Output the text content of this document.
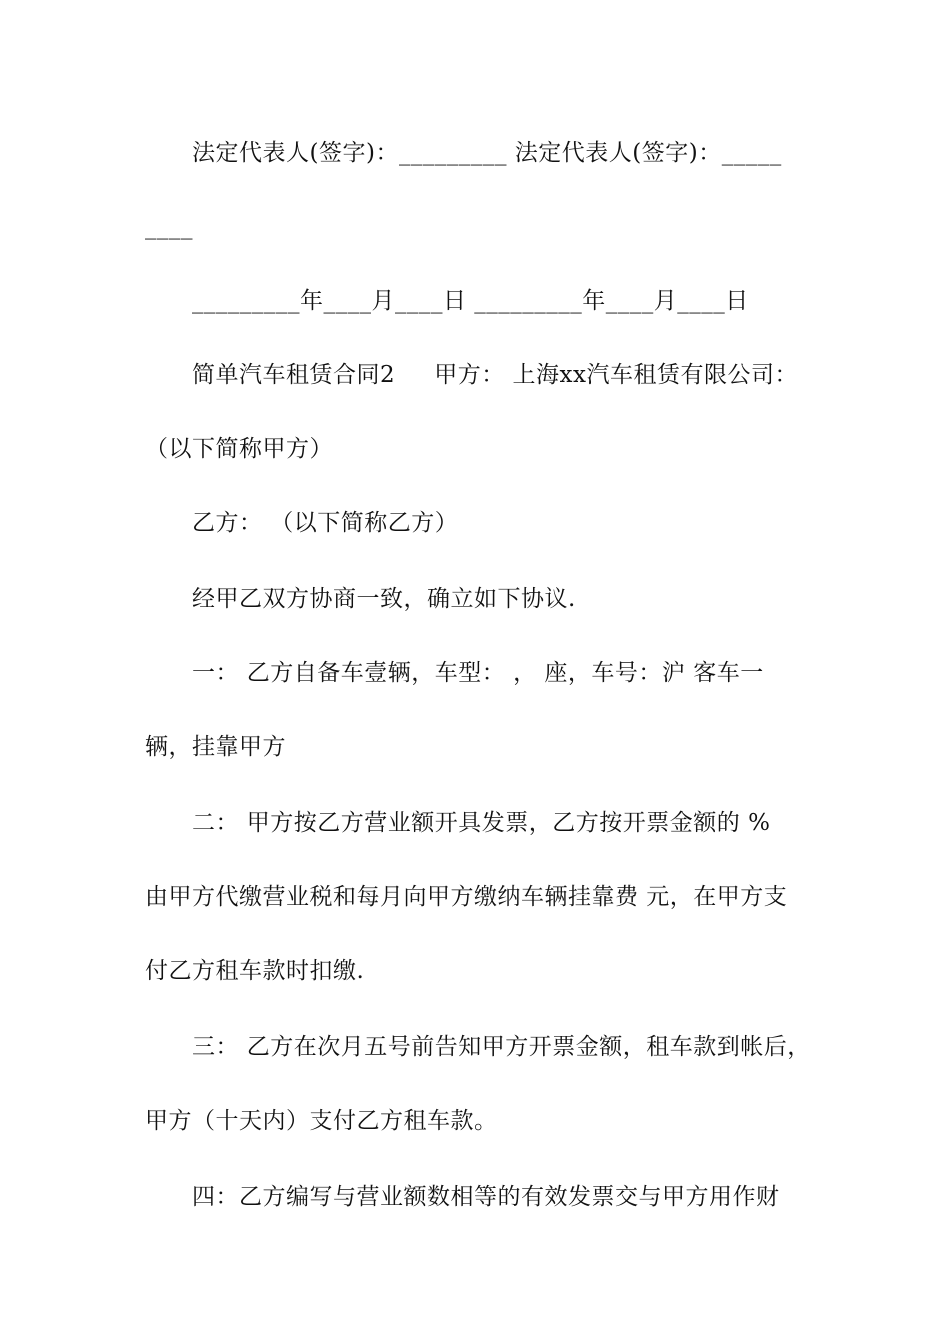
法定代表人(签字)：_________ 法定代表人(签字)：_____
____
_________年____月____日 _________年____月____日
简单汽车租赁合同2     甲方： 上海xx汽车租赁有限公司：
（以下简称甲方）
乙方： （以下简称乙方）
经甲乙双方协商一致，确立如下协议.
一： 乙方自备车壹辆，车型： ， 座，车号：沪 客车一
辆，挂靠甲方
二： 甲方按乙方营业额开具发票，乙方按开票金额的 %
由甲方代缴营业税和每月向甲方缴纳车辆挂靠费 元，在甲方支
付乙方租车款时扣缴.
三： 乙方在次月五号前告知甲方开票金额，租车款到帐后，
甲方（十天内）支付乙方租车款。
四：乙方编写与营业额数相等的有效发票交与甲方用作财
